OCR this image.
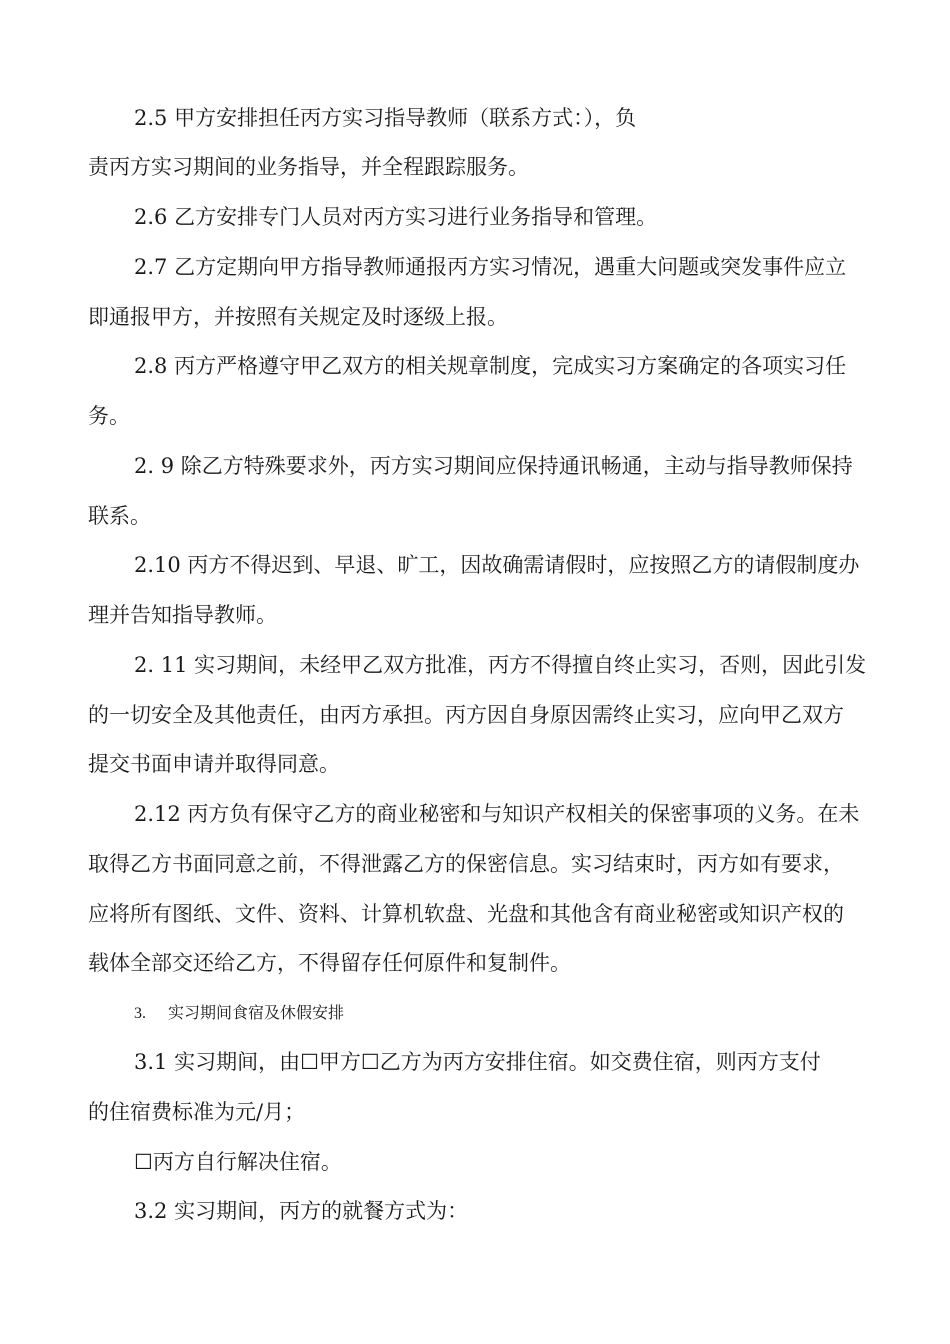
2.5 甲方安排担任丙方实习指导教师（联系方式：），负
责丙方实习期间的业务指导，并全程跟踪服务。
2.6 乙方安排专门人员对丙方实习进行业务指导和管理。
2.7 乙方定期向甲方指导教师通报丙方实习情况，遇重大问题或突发事件应立
即通报甲方，并按照有关规定及时逐级上报。
2.8 丙方严格遵守甲乙双方的相关规章制度，完成实习方案确定的各项实习任
务。
2. 9 除乙方特殊要求外，丙方实习期间应保持通讯畅通，主动与指导教师保持
联系。
2.10 丙方不得迟到、早退、旷工，因故确需请假时，应按照乙方的请假制度办
理并告知指导教师。
2. 11 实习期间，未经甲乙双方批准，丙方不得擅自终止实习，否则，因此引发
的一切安全及其他责任，由丙方承担。丙方因自身原因需终止实习，应向甲乙双方
提交书面申请并取得同意。
2.12 丙方负有保守乙方的商业秘密和与知识产权相关的保密事项的义务。在未
取得乙方书面同意之前，不得泄露乙方的保密信息。实习结束时，丙方如有要求，
应将所有图纸、文件、资料、计算机软盘、光盘和其他含有商业秘密或知识产权的
载体全部交还给乙方，不得留存任何原件和复制件。
3. 实习期间食宿及休假安排
3.1 实习期间，由☐甲方☐乙方为丙方安排住宿。如交费住宿，则丙方支付
的住宿费标准为元/月；
☐丙方自行解决住宿。
3.2 实习期间，丙方的就餐方式为：
